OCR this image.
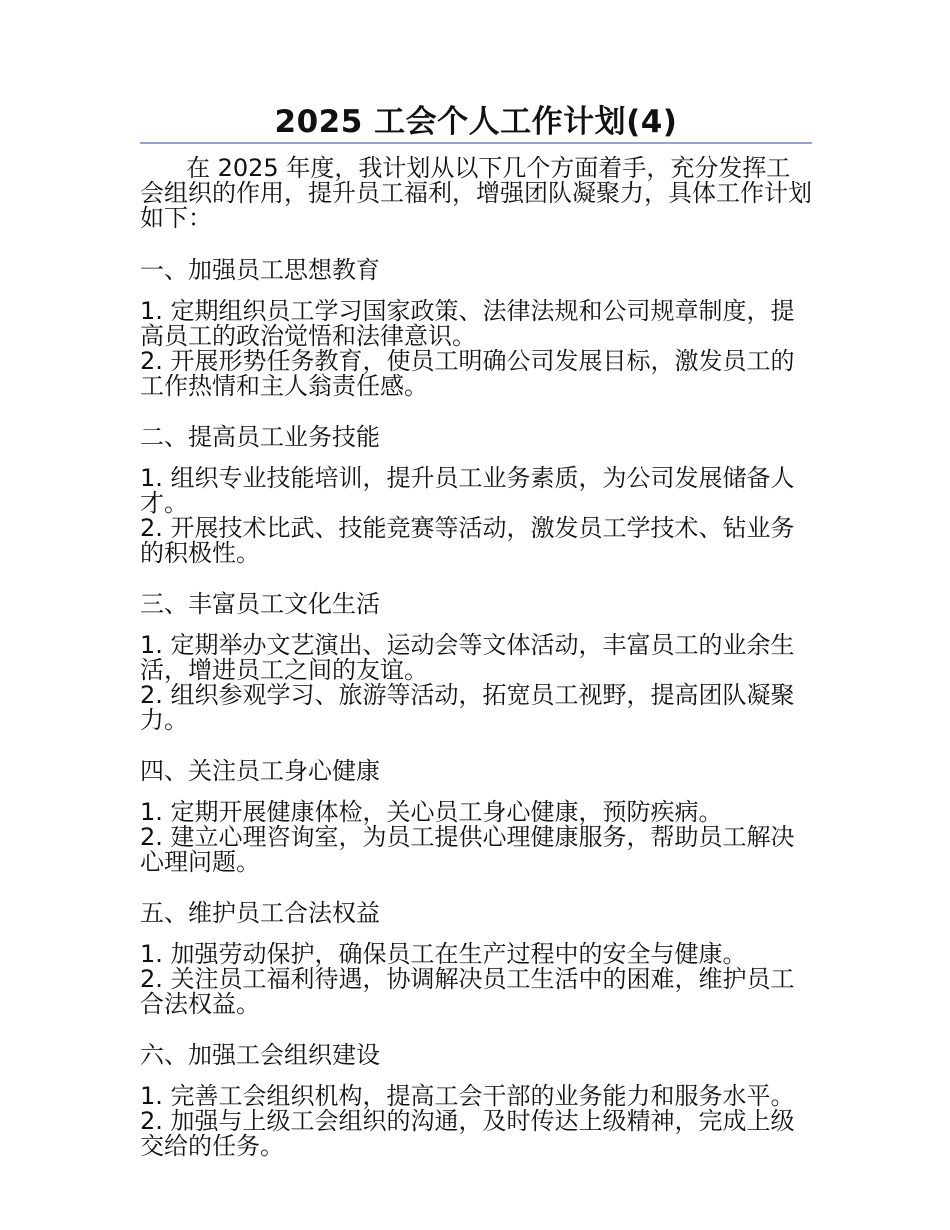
2025 工会个人工作计划(4)

在 2025 年度，我计划从以下几个方面着手，充分发挥工会组织的作用，提升员工福利，增强团队凝聚力，具体工作计划如下：

一、加强员工思想教育

1. 定期组织员工学习国家政策、法律法规和公司规章制度，提高员工的政治觉悟和法律意识。

2. 开展形势任务教育，使员工明确公司发展目标，激发员工的工作热情和主人翁责任感。

二、提高员工业务技能

1. 组织专业技能培训，提升员工业务素质，为公司发展储备人才。

2. 开展技术比武、技能竞赛等活动，激发员工学技术、钻业务的积极性。

三、丰富员工文化生活

1. 定期举办文艺演出、运动会等文体活动，丰富员工的业余生活，增进员工之间的友谊。

2. 组织参观学习、旅游等活动，拓宽员工视野，提高团队凝聚力。

四、关注员工身心健康

1. 定期开展健康体检，关心员工身心健康，预防疾病。

2. 建立心理咨询室，为员工提供心理健康服务，帮助员工解决心理问题。

五、维护员工合法权益

1. 加强劳动保护，确保员工在生产过程中的安全与健康。

2. 关注员工福利待遇，协调解决员工生活中的困难，维护员工合法权益。

六、加强工会组织建设

1. 完善工会组织机构，提高工会干部的业务能力和服务水平。

2. 加强与上级工会组织的沟通，及时传达上级精神，完成上级交给的任务。
